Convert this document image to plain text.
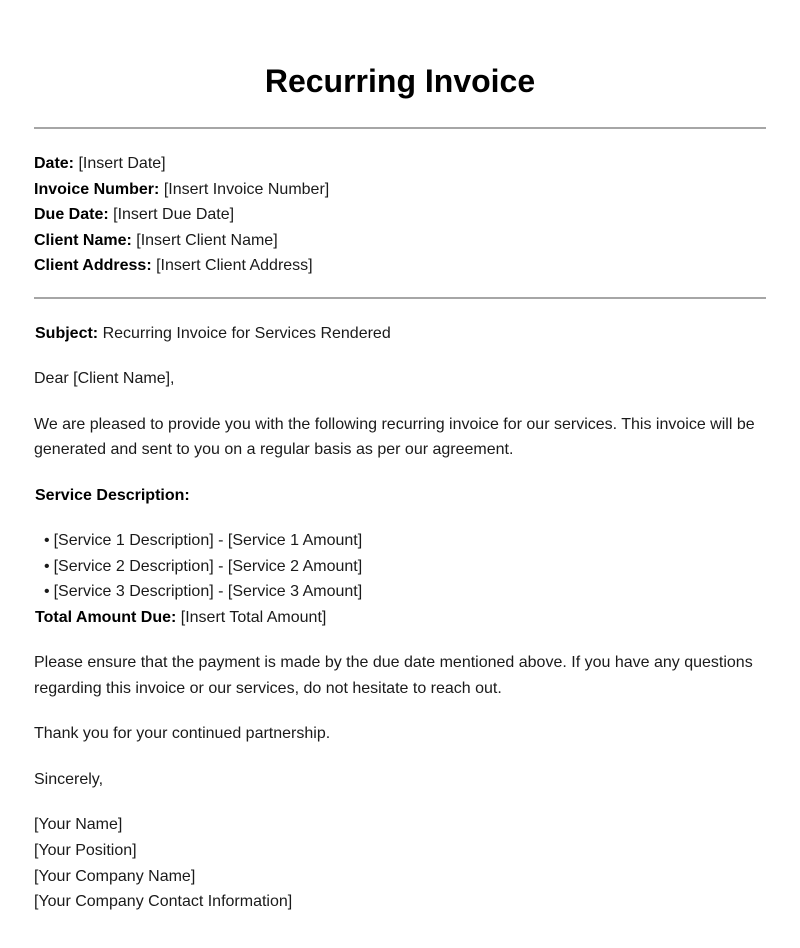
Recurring Invoice
Date: [Insert Date]
Invoice Number: [Insert Invoice Number]
Due Date: [Insert Due Date]
Client Name: [Insert Client Name]
Client Address: [Insert Client Address]

Subject: Recurring Invoice for Services Rendered

Dear [Client Name],

We are pleased to provide you with the following recurring invoice for our services. This invoice will be generated and sent to you on a regular basis as per our agreement.

Service Description:

• [Service 1 Description] - [Service 1 Amount]
• [Service 2 Description] - [Service 2 Amount]
• [Service 3 Description] - [Service 3 Amount]

Total Amount Due: [Insert Total Amount]

Please ensure that the payment is made by the due date mentioned above. If you have any questions regarding this invoice or our services, do not hesitate to reach out.

Thank you for your continued partnership.

Sincerely,

[Your Name]
[Your Position]
[Your Company Name]
[Your Company Contact Information]
